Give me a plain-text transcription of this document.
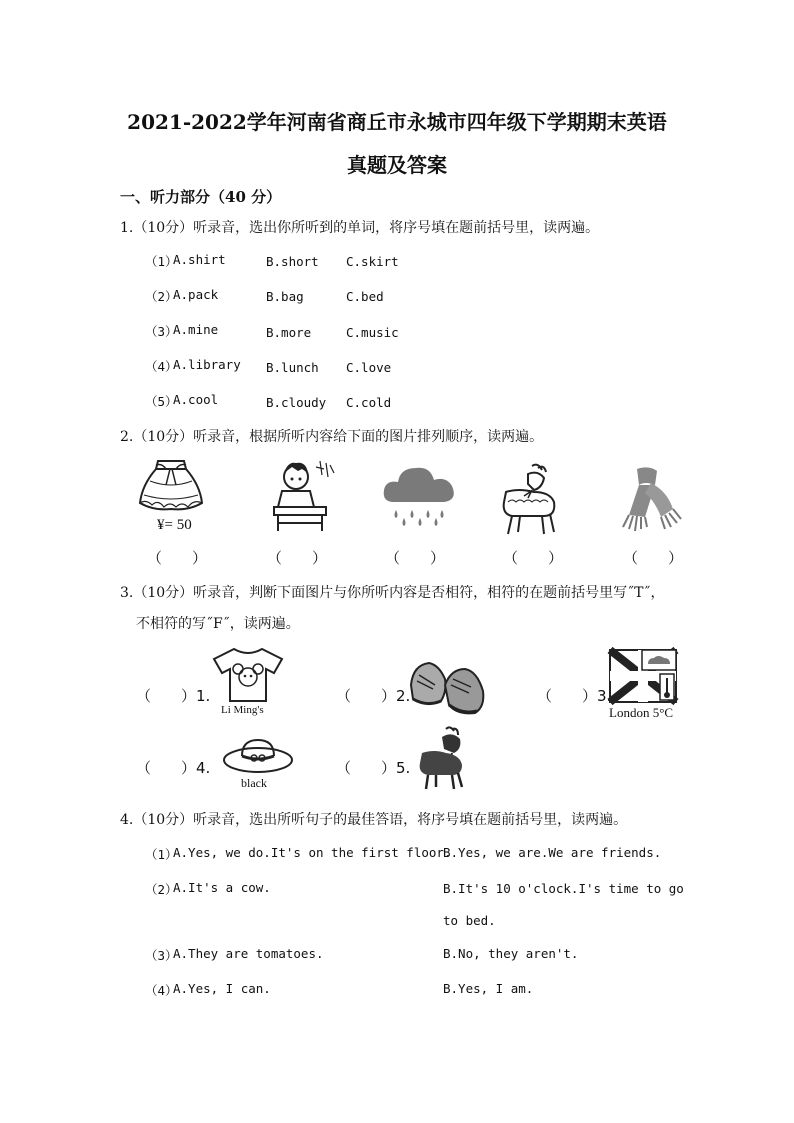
2021-2022学年河南省商丘市永城市四年级下学期期末英语
真题及答案
一、听力部分（40 分）
1.（10分）听录音，选出你所听到的单词，将序号填在题前括号里，读两遍。
（1）
A.shirt	B.short C.skirt
（2）
A.pack	B.bag	C.bed
（3）
A.mine	B.more	C.music
（4）
A.library B.lunch C.love
（5）
A.cool	B.cloudy C.cold
2.（10分）听录音，根据所听内容给下面的图片排列顺序，读两遍。
¥= 50
（　　）	（　　）	（　　）	（　　）	（　　）
3.（10分）听录音，判断下面图片与你所听内容是否相符，相符的在题前括号里写˝T˝，
不相符的写˝F˝，读两遍。
（　　）1.
Li Ming's
（　　）2.	（　　）3.
London 5°C
（　　）4.
black
（　　）5.
4.（10分）听录音，选出所听句子的最佳答语，将序号填在题前括号里，读两遍。
（1）
A.Yes, we do.It's on the first floor.
B.Yes, we are.We are friends.
（2）
A.It's a cow.	B.It's 10 o'clock.I's time to go
to bed.
（3）
A.They are tomatoes.	B.No, they aren't.
（4）
A.Yes, I can.	B.Yes, I am.
